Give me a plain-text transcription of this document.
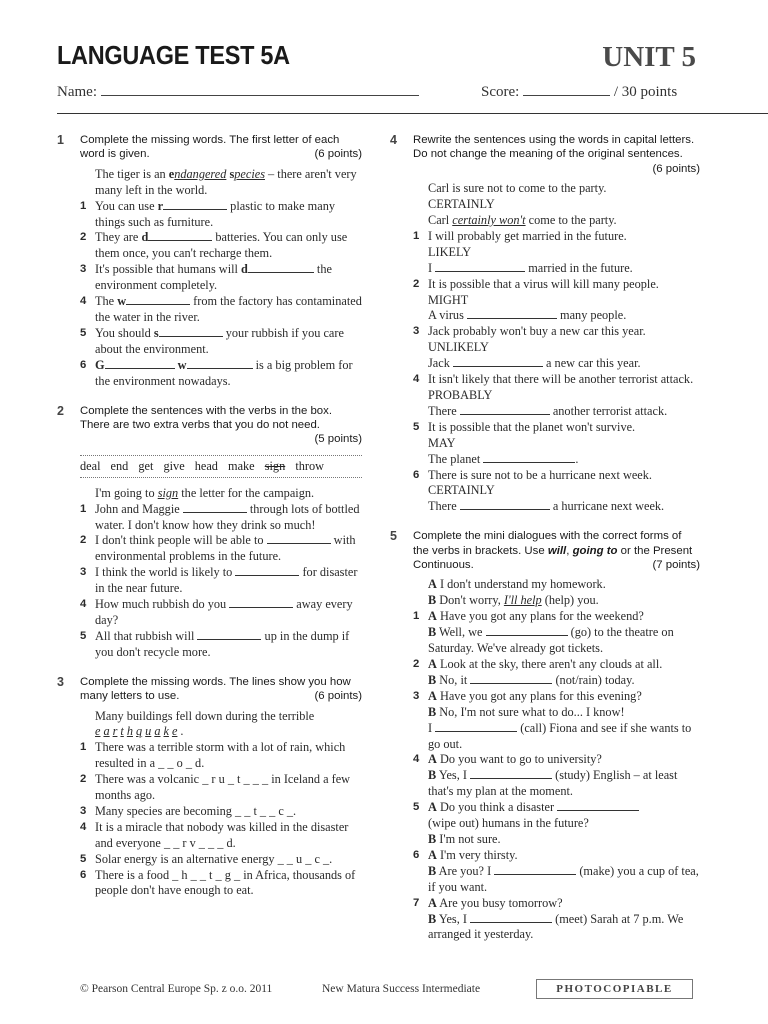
LANGUAGE TEST 5A	UNIT 5
Name:	Score:	/ 30 points
1	Complete the missing words. The first letter of each word is given.	(6 points)
The tiger is an endangered species – there aren't very many left in the world.
1 You can use r	plastic to make many things such as furniture.
2 They are d	batteries. You can only use them once, you can't recharge them.
3 It's possible that humans will d	the environment completely.
4 The w	from the factory has contaminated the water in the river.
5 You should s	your rubbish if you care about the environment.
6 G	w	is a big problem for the environment nowadays.
2	Complete the sentences with the verbs in the box. There are two extra verbs that you do not need.
(5 points)
deal end get give head make sign throw
I'm going to sign the letter for the campaign.
1 John and Maggie	through lots of bottled water. I don't know how they drink so much!
2 I don't think people will be able to	with environmental problems in the future.
3 I think the world is likely to	for disaster in the near future.
4 How much rubbish do you	away every day?
5 All that rubbish will	up in the dump if you don't recycle more.
3	Complete the missing words. The lines show you how many letters to use.	(6 points)
Many buildings fell down during the terrible
e a r t h q u a k e .
1 There was a terrible storm with a lot of rain, which resulted in a _ _ o _ d.
2 There was a volcanic _ r u _ t _ _ _ in Iceland a few months ago.
3 Many species are becoming _ _ t _ _ c _.
4 It is a miracle that nobody was killed in the disaster and everyone _ _ r v _ _ _ d.
5 Solar energy is an alternative energy _ _ u _ c _.
6 There is a food _ h _ _ t _ g _ in Africa, thousands of people don't have enough to eat.
4	Rewrite the sentences using the words in capital letters. Do not change the meaning of the original sentences.
(6 points)
Carl is sure not to come to the party.
CERTAINLY
Carl certainly won't come to the party.
1 I will probably get married in the future.
LIKELY
I	married in the future.
2 It is possible that a virus will kill many people.
MIGHT
A virus	many people.
3 Jack probably won't buy a new car this year.
UNLIKELY
Jack	a new car this year.
4 It isn't likely that there will be another terrorist attack.
PROBABLY
There	another terrorist attack.
5 It is possible that the planet won't survive.
MAY
The planet	.
6 There is sure not to be a hurricane next week.
CERTAINLY
There	a hurricane next week.
5	Complete the mini dialogues with the correct forms of the verbs in brackets. Use will, going to or the Present Continuous.	(7 points)
A I don't understand my homework.
B Don't worry, I'll help (help) you.
1 A Have you got any plans for the weekend?
B Well, we	(go) to the theatre on Saturday. We've already got tickets.
2 A Look at the sky, there aren't any clouds at all.
B No, it	(not/rain) today.
3 A Have you got any plans for this evening?
B No, I'm not sure what to do... I know!
I	(call) Fiona and see if she wants to go out.
4 A Do you want to go to university?
B Yes, I	(study) English – at least that's my plan at the moment.
5 A Do you think a disaster
(wipe out) humans in the future?
B I'm not sure.
6 A I'm very thirsty.
B Are you? I	(make) you a cup of tea, if you want.
7 A Are you busy tomorrow?
B Yes, I	(meet) Sarah at 7 p.m. We arranged it yesterday.
© Pearson Central Europe Sp. z o.o. 2011	New Matura Success Intermediate	PHOTOCOPIABLE
